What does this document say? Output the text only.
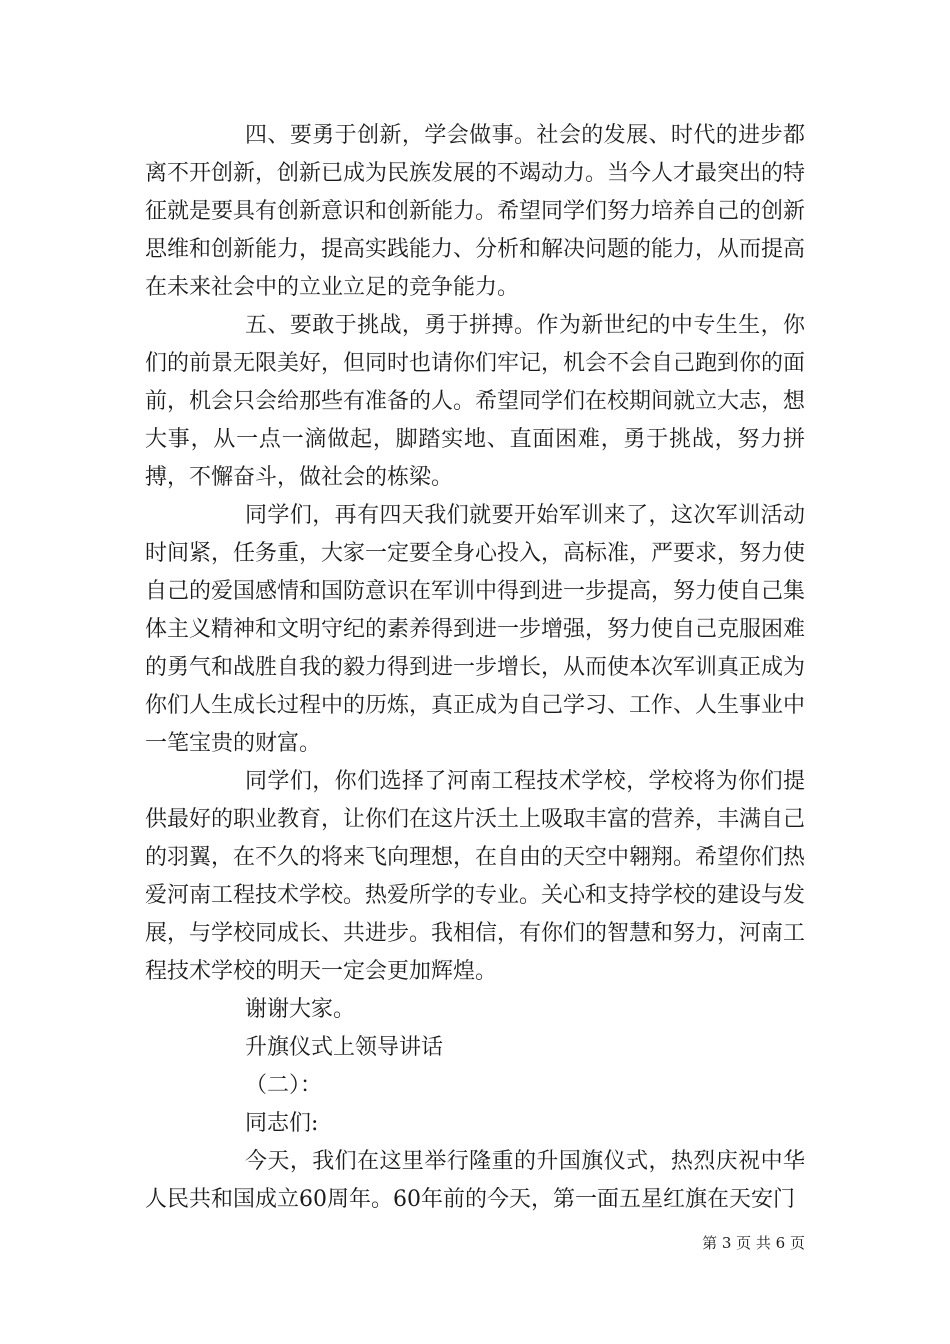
四、要勇于创新，学会做事。社会的发展、时代的进步都离不开创新，创新已成为民族发展的不竭动力。当今人才最突出的特征就是要具有创新意识和创新能力。希望同学们努力培养自己的创新思维和创新能力，提高实践能力、分析和解决问题的能力，从而提高在未来社会中的立业立足的竞争能力。

五、要敢于挑战，勇于拼搏。作为新世纪的中专生生，你们的前景无限美好，但同时也请你们牢记，机会不会自己跑到你的面前，机会只会给那些有准备的人。希望同学们在校期间就立大志，想大事，从一点一滴做起，脚踏实地、直面困难，勇于挑战，努力拼搏，不懈奋斗，做社会的栋梁。

同学们，再有四天我们就要开始军训来了，这次军训活动时间紧，任务重，大家一定要全身心投入，高标准，严要求，努力使自己的爱国感情和国防意识在军训中得到进一步提高，努力使自己集体主义精神和文明守纪的素养得到进一步增强，努力使自己克服困难的勇气和战胜自我的毅力得到进一步增长，从而使本次军训真正成为你们人生成长过程中的历炼，真正成为自己学习、工作、人生事业中一笔宝贵的财富。

同学们，你们选择了河南工程技术学校，学校将为你们提供最好的职业教育，让你们在这片沃土上吸取丰富的营养，丰满自己的羽翼，在不久的将来飞向理想，在自由的天空中翱翔。希望你们热爱河南工程技术学校。热爱所学的专业。关心和支持学校的建设与发展，与学校同成长、共进步。我相信，有你们的智慧和努力，河南工程技术学校的明天一定会更加辉煌。

谢谢大家。

升旗仪式上领导讲话

（二）：

同志们:

今天，我们在这里举行隆重的升国旗仪式，热烈庆祝中华人民共和国成立60周年。60年前的今天，第一面五星红旗在天安门

第 3 页 共 6 页
